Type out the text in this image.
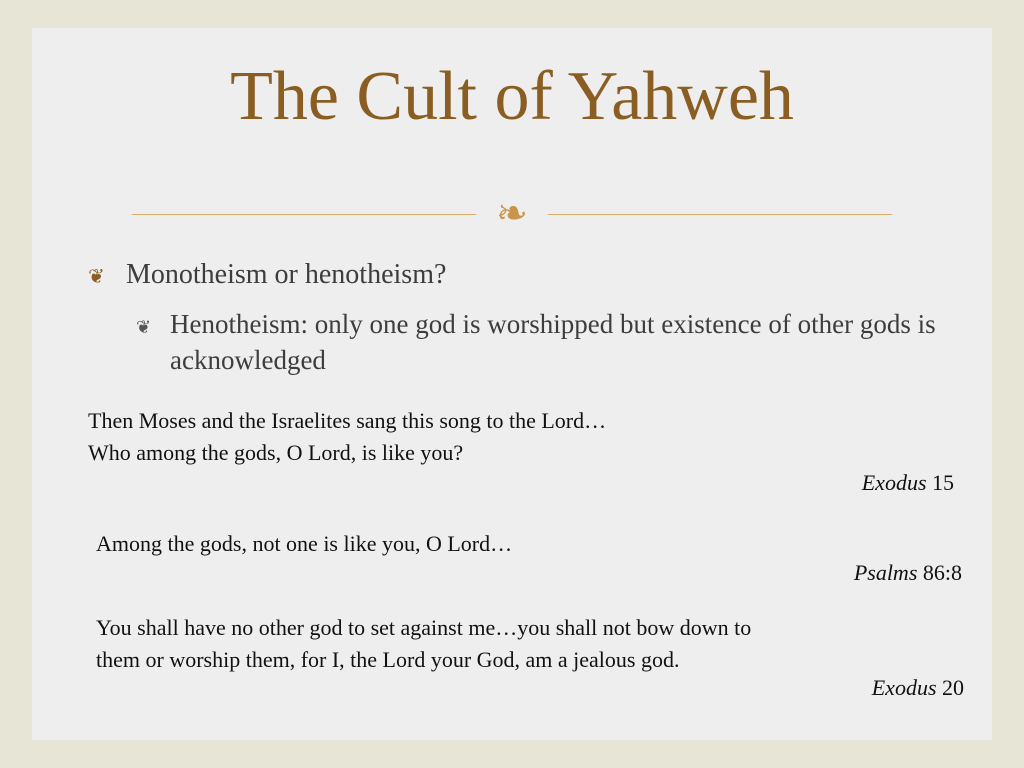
The Cult of Yahweh
❧
❦ Monotheism or henotheism?
❦ Henotheism: only one god is worshipped but existence of other gods is acknowledged
Then Moses and the Israelites sang this song to the Lord…
Who among the gods, O Lord, is like you?
Exodus 15
Among the gods, not one is like you, O Lord…
Psalms 86:8
You shall have no other god to set against me…you shall not bow down to
them or worship them, for I, the Lord your God, am a jealous god.
Exodus 20
